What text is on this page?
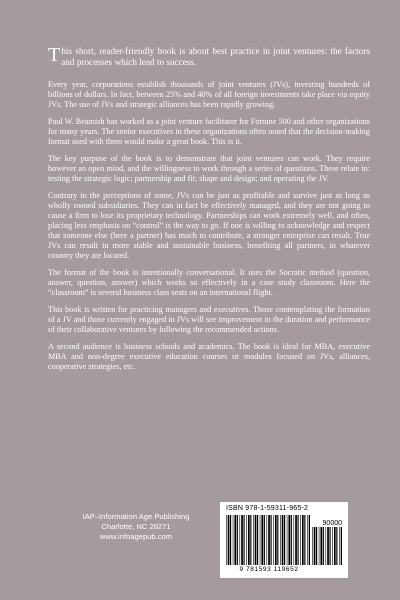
This short, reader-friendly book is about best practice in joint ventures: the factors and processes which lead to success.

Every year, corporations establish thousands of joint ventures (JVs), investing hundreds of billions of dollars. In fact, between 25% and 40% of all foreign investments take place via equity JVs. The use of JVs and strategic alliances has been rapidly growing.

Paul W. Beamish has worked as a joint venture facilitator for Fortune 500 and other organizations for many years. The senior executives in these organizations often noted that the decision-making format used with them would make a great book. This is it.

The key purpose of the book is to demonstrate that joint ventures can work. They require however an open mind, and the willingness to work through a series of questions. These relate to: testing the strategic logic; partnership and fit; shape and design; and operating the JV.

Contrary to the perceptions of some, JVs can be just as profitable and survive just as long as wholly owned subsidiaries. They can in fact be effectively managed, and they are not going to cause a firm to lose its proprietary technology. Partnerships can work extremely well, and often, placing less emphasis on “control” is the way to go. If one is willing to acknowledge and respect that someone else (here a partner) has much to contribute, a stronger enterprise can result. True JVs can result in more stable and sustainable business, benefiting all partners, in whatever country they are located.

The format of the book is intentionally conversational. It uses the Socratic method (question, answer, question, answer) which works so effectively in a case study classroom. Here the “classroom” is several business class seats on an international flight.

This book is written for practicing managers and executives. Those contemplating the formation of a JV and those currently engaged in JVs will see improvement in the duration and performance of their collaborative ventures by following the recommended actions.

A second audience is business schools and academics. The book is ideal for MBA, executive MBA and non-degree executive education courses or modules focused on JVs, alliances, cooperative strategies, etc.

IAP–Information Age Publishing
Charlotte, NC 28271
www.infoagepub.com
ISBN 978-1-59311-965-2
90000
9 781593 119652
